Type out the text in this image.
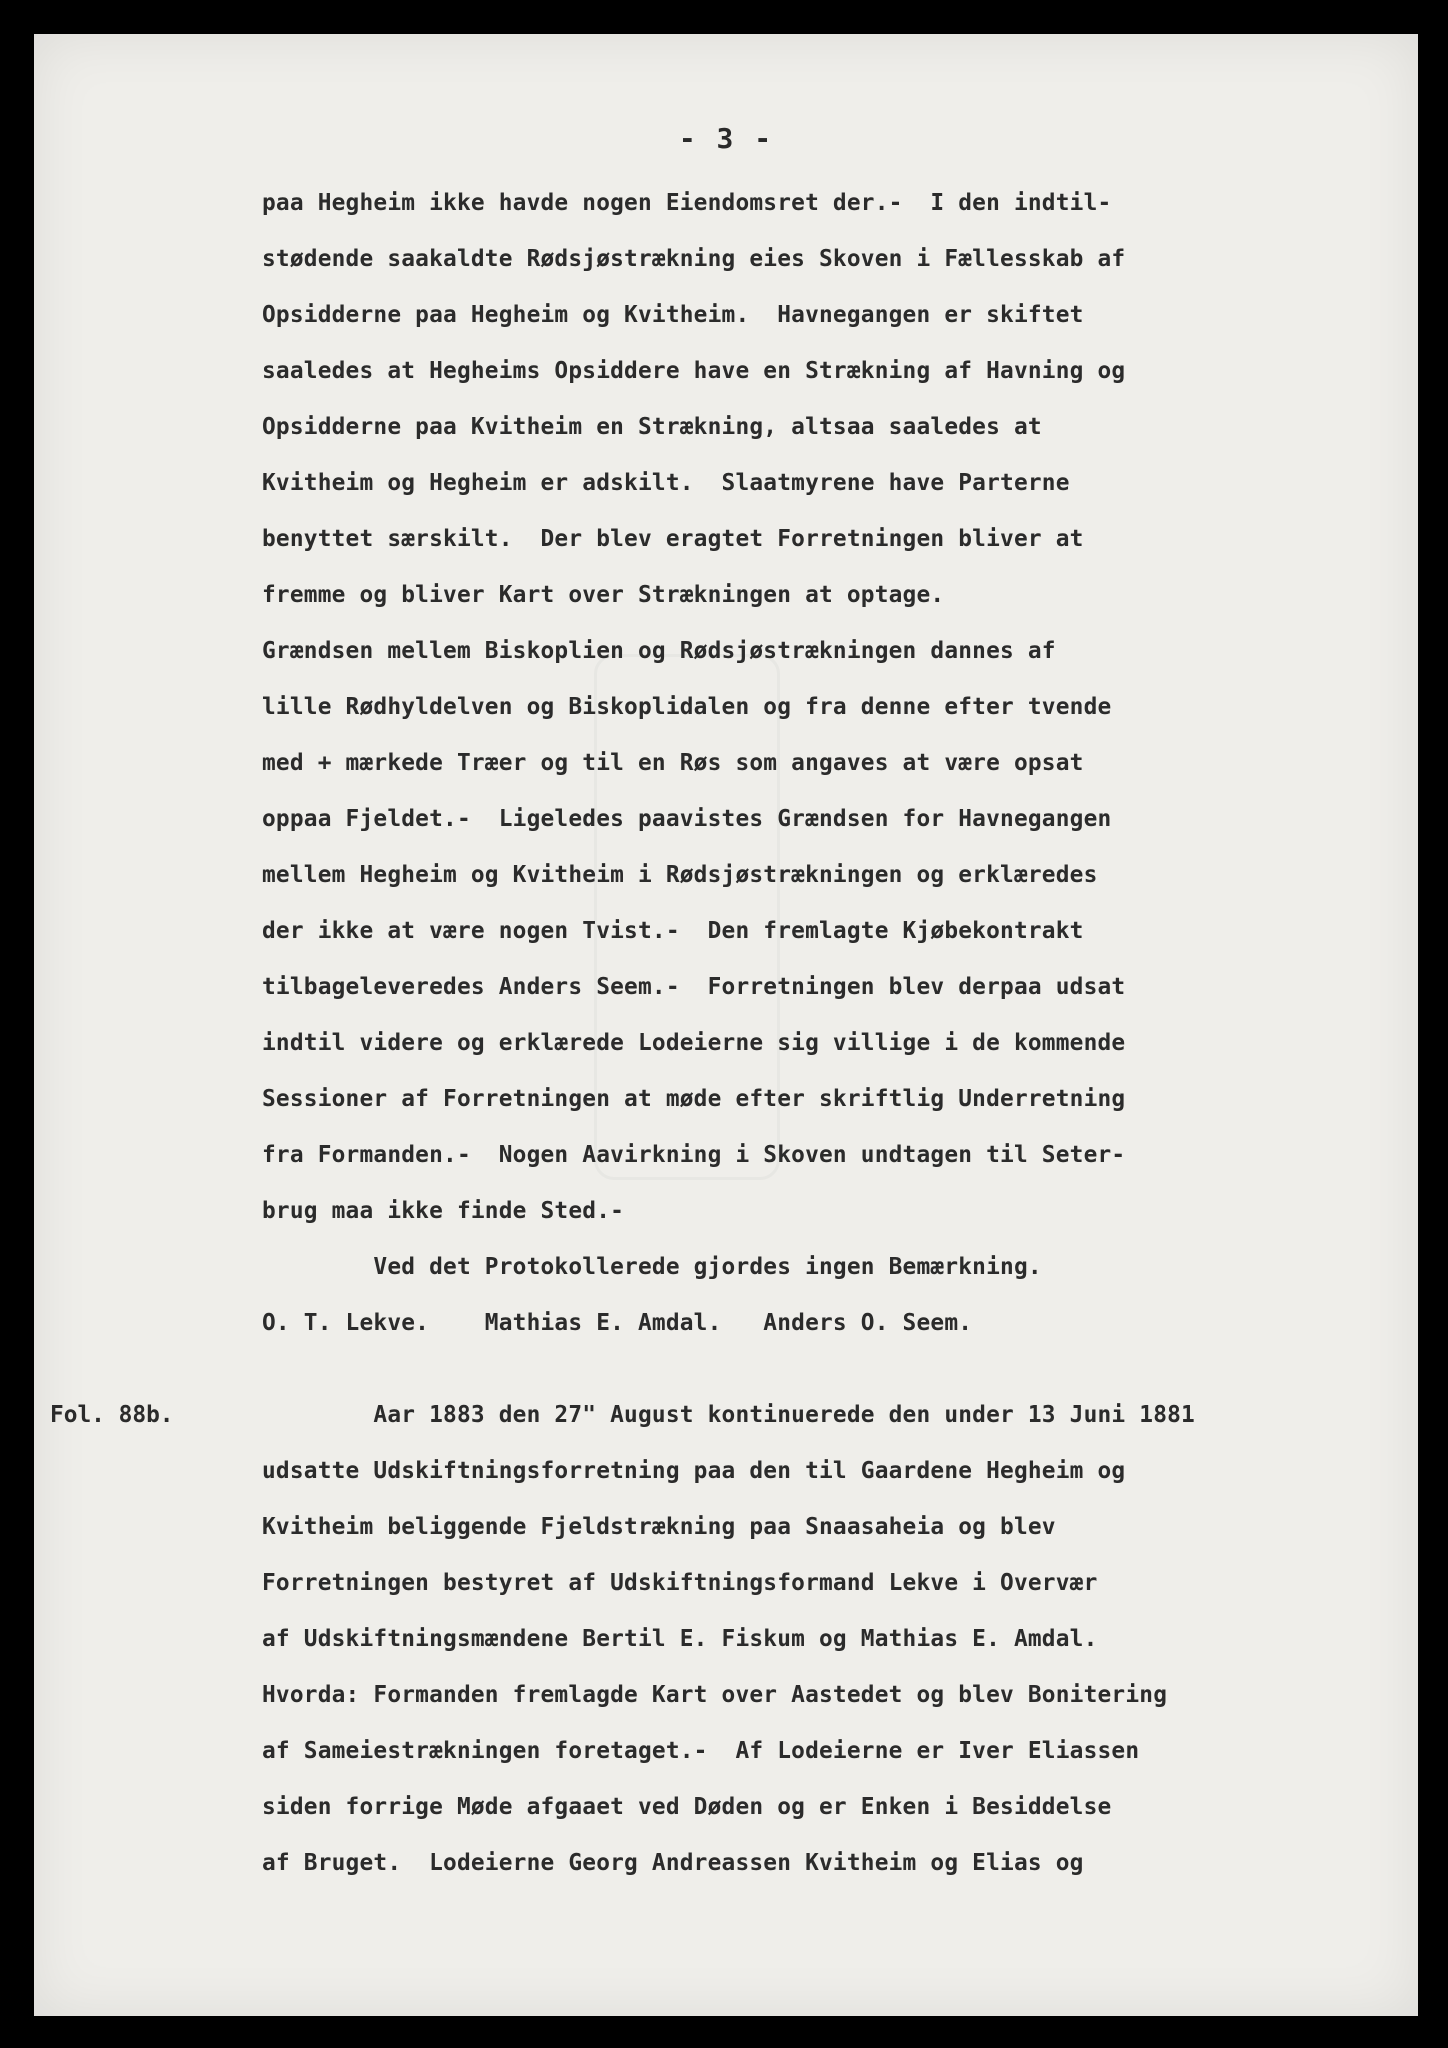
- 3 -
Fol. 88b.
paa Hegheim ikke havde nogen Eiendomsret der.-  I den indtil-
stødende saakaldte Rødsjøstrækning eies Skoven i Fællesskab af
Opsidderne paa Hegheim og Kvitheim.  Havnegangen er skiftet
saaledes at Hegheims Opsiddere have en Strækning af Havning og
Opsidderne paa Kvitheim en Strækning, altsaa saaledes at
Kvitheim og Hegheim er adskilt.  Slaatmyrene have Parterne
benyttet særskilt.  Der blev eragtet Forretningen bliver at
fremme og bliver Kart over Strækningen at optage.
Grændsen mellem Biskoplien og Rødsjøstrækningen dannes af
lille Rødhyldelven og Biskoplidalen og fra denne efter tvende
med + mærkede Træer og til en Røs som angaves at være opsat
oppaa Fjeldet.-  Ligeledes paavistes Grændsen for Havnegangen
mellem Hegheim og Kvitheim i Rødsjøstrækningen og erklæredes
der ikke at være nogen Tvist.-  Den fremlagte Kjøbekontrakt
tilbageleveredes Anders Seem.-  Forretningen blev derpaa udsat
indtil videre og erklærede Lodeierne sig villige i de kommende
Sessioner af Forretningen at møde efter skriftlig Underretning
fra Formanden.-  Nogen Aavirkning i Skoven undtagen til Seter-
brug maa ikke finde Sted.-
Ved det Protokollerede gjordes ingen Bemærkning.
O. T. Lekve.    Mathias E. Amdal.   Anders O. Seem.
Aar 1883 den 27" August kontinuerede den under 13 Juni 1881
udsatte Udskiftningsforretning paa den til Gaardene Hegheim og
Kvitheim beliggende Fjeldstrækning paa Snaasaheia og blev
Forretningen bestyret af Udskiftningsformand Lekve i Overvær
af Udskiftningsmændene Bertil E. Fiskum og Mathias E. Amdal.
Hvorda: Formanden fremlagde Kart over Aastedet og blev Bonitering
af Sameiestrækningen foretaget.-  Af Lodeierne er Iver Eliassen
siden forrige Møde afgaaet ved Døden og er Enken i Besiddelse
af Bruget.  Lodeierne Georg Andreassen Kvitheim og Elias og
